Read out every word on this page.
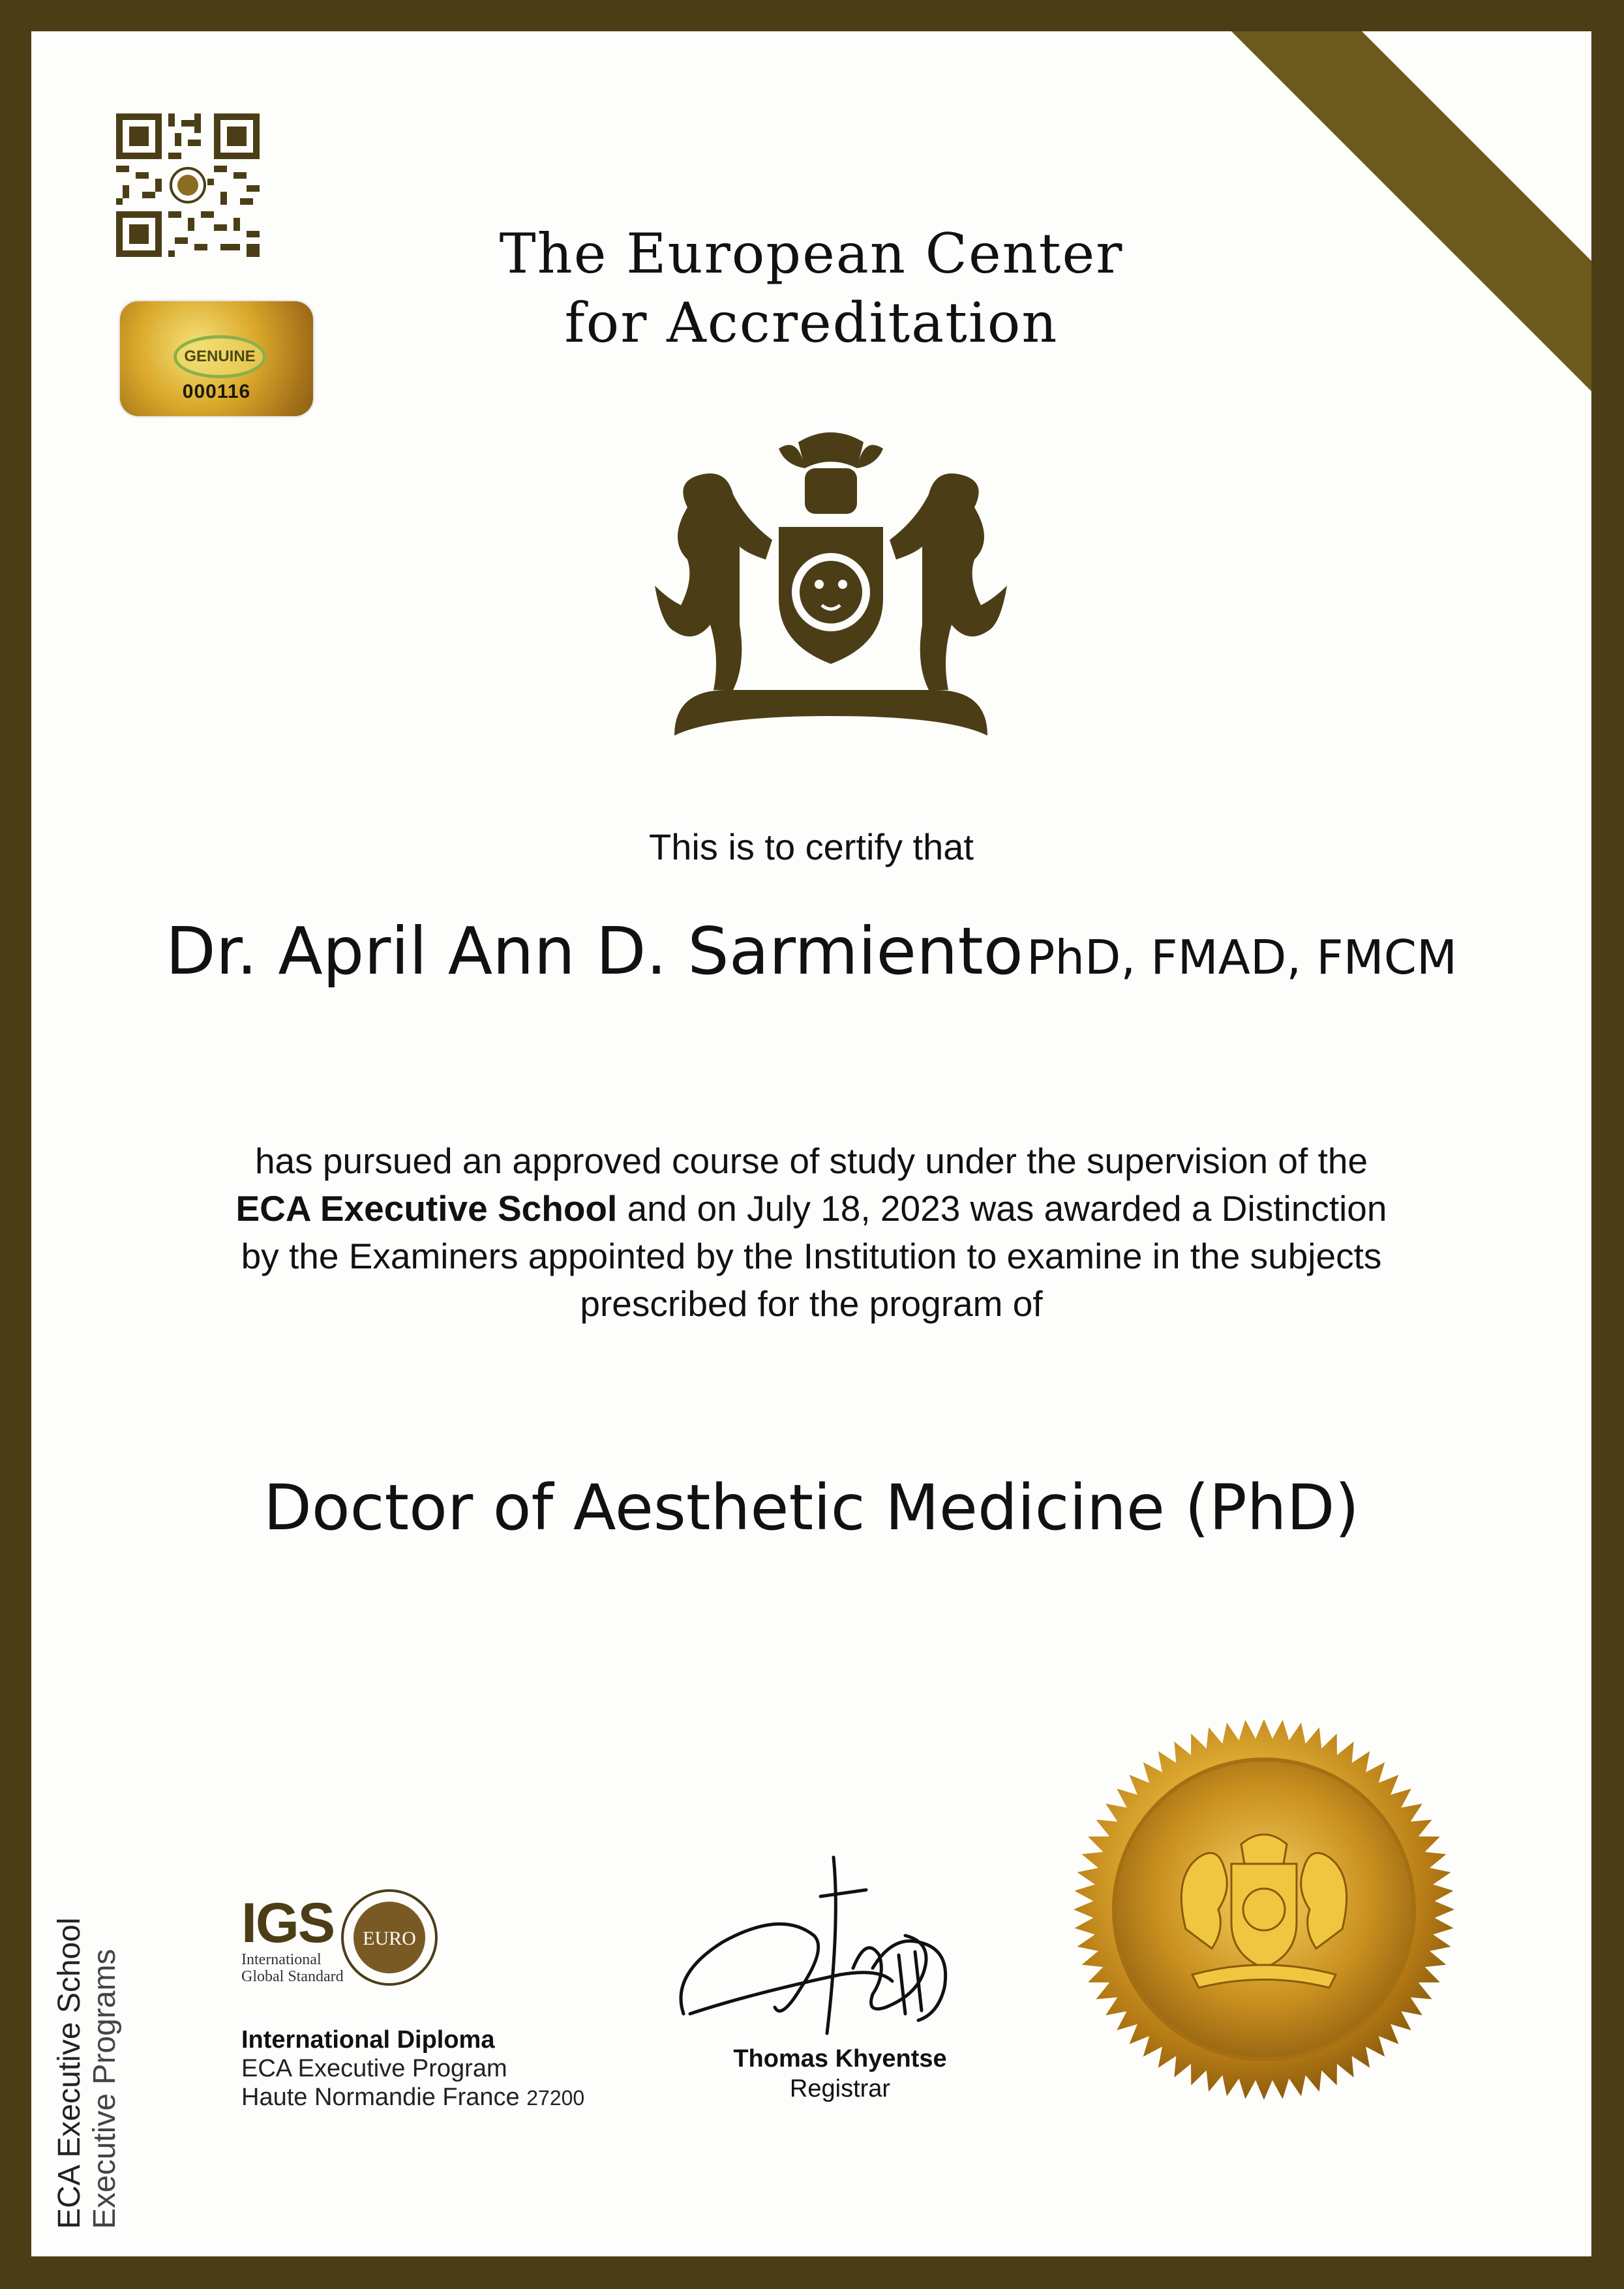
GENUINE
000116
The European Center
for Accreditation
This is to certify that
Dr. April Ann D. Sarmiento PhD, FMAD, FMCM
has pursued an approved course of study under the supervision of the
ECA Executive School and on July 18, 2023 was awarded a Distinction
by the Examiners appointed by the Institution to examine in the subjects
prescribed for the program of
Doctor of Aesthetic Medicine (PhD)
ECA Executive School Executive Programs
IGS
International
Global Standard
EURO
International Diploma
ECA Executive Program
Haute Normandie France 27200
Thomas Khyentse
Registrar
